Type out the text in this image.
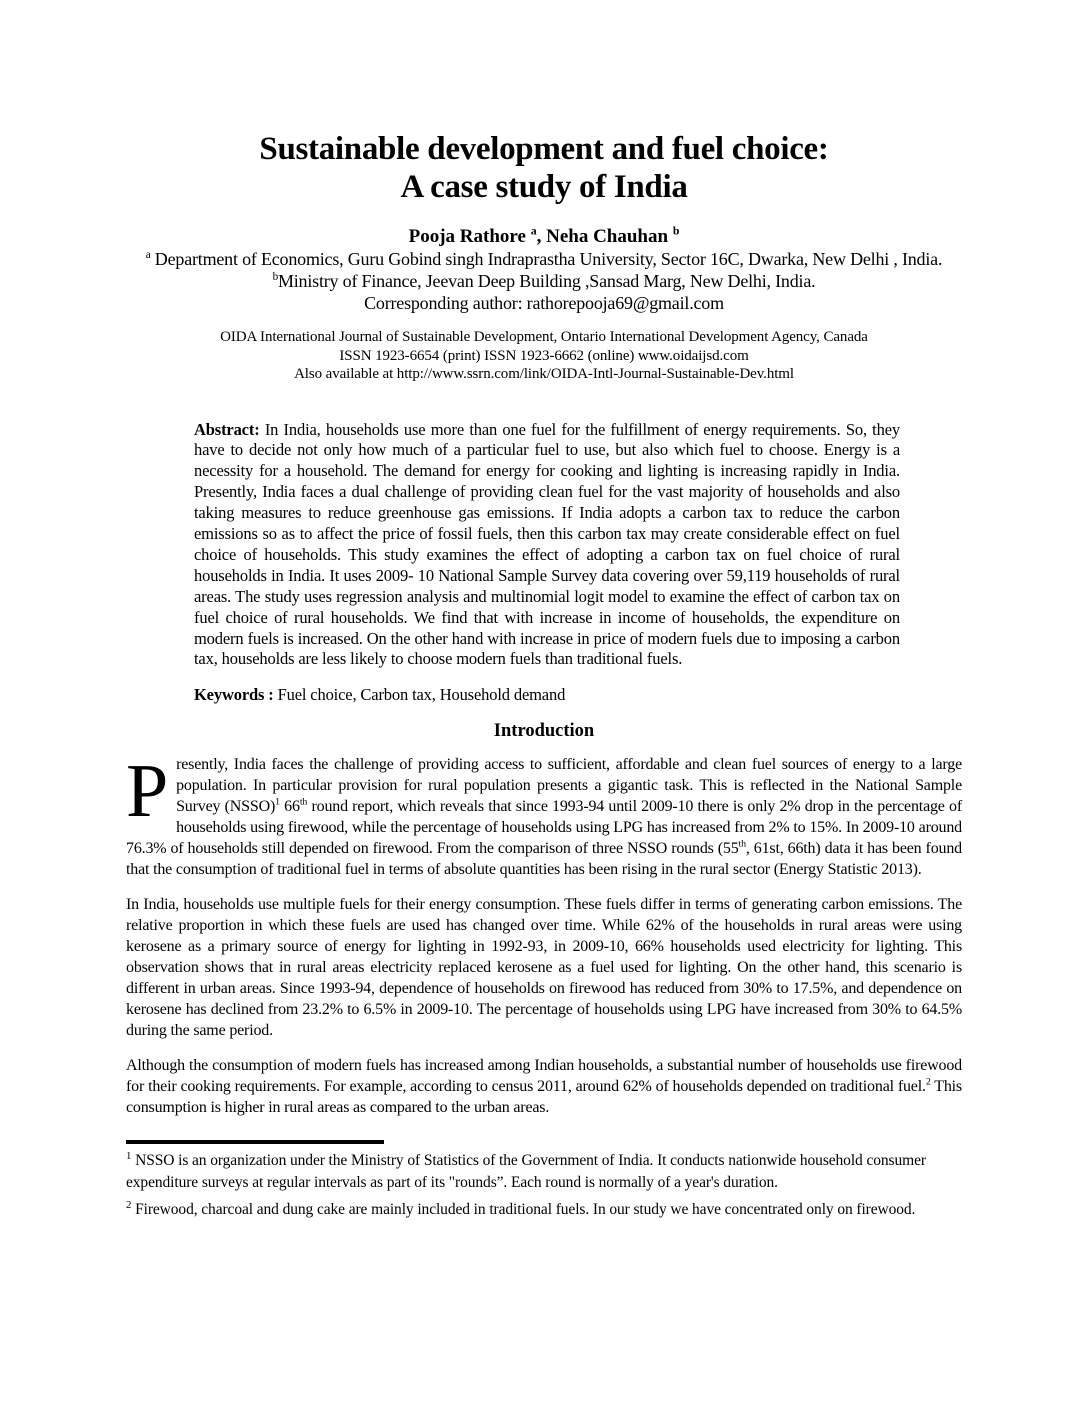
Sustainable development and fuel choice:
A case study of India

Pooja Rathore $^a$, Neha Chauhan $^b$

$^a$ Department of Economics, Guru Gobind singh Indraprastha University, Sector 16C, Dwarka, New Delhi , India.

$^b$Ministry of Finance, Jeevan Deep Building ,Sansad Marg, New Delhi, India.

Corresponding author: rathorepooja69@gmail.com

OIDA International Journal of Sustainable Development, Ontario International Development Agency, Canada

ISSN 1923-6654 (print) ISSN 1923-6662 (online) www.oidaijsd.com

Also available at http://www.ssrn.com/link/OIDA-Intl-Journal-Sustainable-Dev.html

Abstract: In India, households use more than one fuel for the fulfillment of energy requirements. So, they have to decide not only how much of a particular fuel to use, but also which fuel to choose. Energy is a necessity for a household. The demand for energy for cooking and lighting is increasing rapidly in India. Presently, India faces a dual challenge of providing clean fuel for the vast majority of households and also taking measures to reduce greenhouse gas emissions. If India adopts a carbon tax to reduce the carbon emissions so as to affect the price of fossil fuels, then this carbon tax may create considerable effect on fuel choice of households. This study examines the effect of adopting a carbon tax on fuel choice of rural households in India. It uses 2009- 10 National Sample Survey data covering over 59,119 households of rural areas. The study uses regression analysis and multinomial logit model to examine the effect of carbon tax on fuel choice of rural households. We find that with increase in income of households, the expenditure on modern fuels is increased. On the other hand with increase in price of modern fuels due to imposing a carbon tax, households are less likely to choose modern fuels than traditional fuels.

Keywords : Fuel choice, Carbon tax, Household demand

Introduction

Presently, India faces the challenge of providing access to sufficient, affordable and clean fuel sources of energy to a large population. In particular provision for rural population presents a gigantic task. This is reflected in the National Sample Survey (NSSO)$^1$ 66th round report, which reveals that since 1993-94 until 2009-10 there is only 2% drop in the percentage of households using firewood, while the percentage of households using LPG has increased from 2% to 15%. In 2009-10 around 76.3% of households still depended on firewood. From the comparison of three NSSO rounds (55th, 61st, 66th) data it has been found that the consumption of traditional fuel in terms of absolute quantities has been rising in the rural sector (Energy Statistic 2013).

In India, households use multiple fuels for their energy consumption. These fuels differ in terms of generating carbon emissions. The relative proportion in which these fuels are used has changed over time. While 62% of the households in rural areas were using kerosene as a primary source of energy for lighting in 1992-93, in 2009-10, 66% households used electricity for lighting. This observation shows that in rural areas electricity replaced kerosene as a fuel used for lighting. On the other hand, this scenario is different in urban areas. Since 1993-94, dependence of households on firewood has reduced from 30% to 17.5%, and dependence on kerosene has declined from 23.2% to 6.5% in 2009-10. The percentage of households using LPG have increased from 30% to 64.5% during the same period.

Although the consumption of modern fuels has increased among Indian households, a substantial number of households use firewood for their cooking requirements. For example, according to census 2011, around 62% of households depended on traditional fuel.$^2$ This consumption is higher in rural areas as compared to the urban areas.

$^1$ NSSO is an organization under the Ministry of Statistics of the Government of India. It conducts nationwide household consumer expenditure surveys at regular intervals as part of its "rounds”. Each round is normally of a year's duration.

$^2$ Firewood, charcoal and dung cake are mainly included in traditional fuels. In our study we have concentrated only on firewood.
